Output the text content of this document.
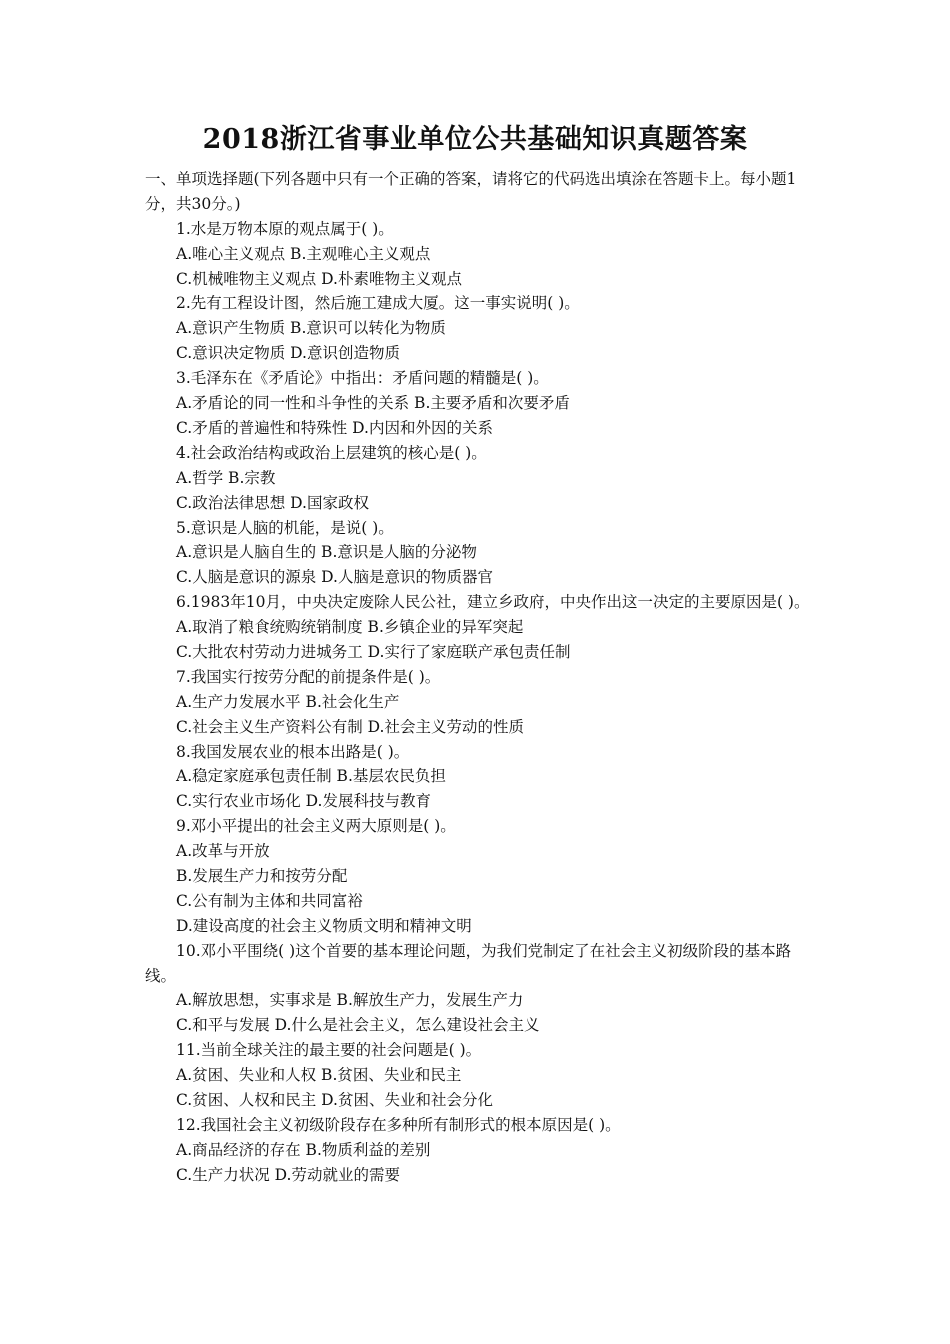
2018浙江省事业单位公共基础知识真题答案
一、单项选择题(下列各题中只有一个正确的答案，请将它的代码选出填涂在答题卡上。每小题1分，共30分。)
1.水是万物本原的观点属于( )。
A.唯心主义观点 B.主观唯心主义观点
C.机械唯物主义观点 D.朴素唯物主义观点
2.先有工程设计图，然后施工建成大厦。这一事实说明( )。
A.意识产生物质 B.意识可以转化为物质
C.意识决定物质 D.意识创造物质
3.毛泽东在《矛盾论》中指出：矛盾问题的精髓是( )。
A.矛盾论的同一性和斗争性的关系 B.主要矛盾和次要矛盾
C.矛盾的普遍性和特殊性 D.内因和外因的关系
4.社会政治结构或政治上层建筑的核心是( )。
A.哲学 B.宗教
C.政治法律思想 D.国家政权
5.意识是人脑的机能，是说( )。
A.意识是人脑自生的 B.意识是人脑的分泌物
C.人脑是意识的源泉 D.人脑是意识的物质器官
6.1983年10月，中央决定废除人民公社，建立乡政府，中央作出这一决定的主要原因是( )。
A.取消了粮食统购统销制度 B.乡镇企业的异军突起
C.大批农村劳动力进城务工 D.实行了家庭联产承包责任制
7.我国实行按劳分配的前提条件是( )。
A.生产力发展水平 B.社会化生产
C.社会主义生产资料公有制 D.社会主义劳动的性质
8.我国发展农业的根本出路是( )。
A.稳定家庭承包责任制 B.基层农民负担
C.实行农业市场化 D.发展科技与教育
9.邓小平提出的社会主义两大原则是( )。
A.改革与开放
B.发展生产力和按劳分配
C.公有制为主体和共同富裕
D.建设高度的社会主义物质文明和精神文明
10.邓小平围绕( )这个首要的基本理论问题，为我们党制定了在社会主义初级阶段的基本路线。
A.解放思想，实事求是 B.解放生产力，发展生产力
C.和平与发展 D.什么是社会主义，怎么建设社会主义
11.当前全球关注的最主要的社会问题是( )。
A.贫困、失业和人权 B.贫困、失业和民主
C.贫困、人权和民主 D.贫困、失业和社会分化
12.我国社会主义初级阶段存在多种所有制形式的根本原因是( )。
A.商品经济的存在 B.物质利益的差别
C.生产力状况 D.劳动就业的需要
